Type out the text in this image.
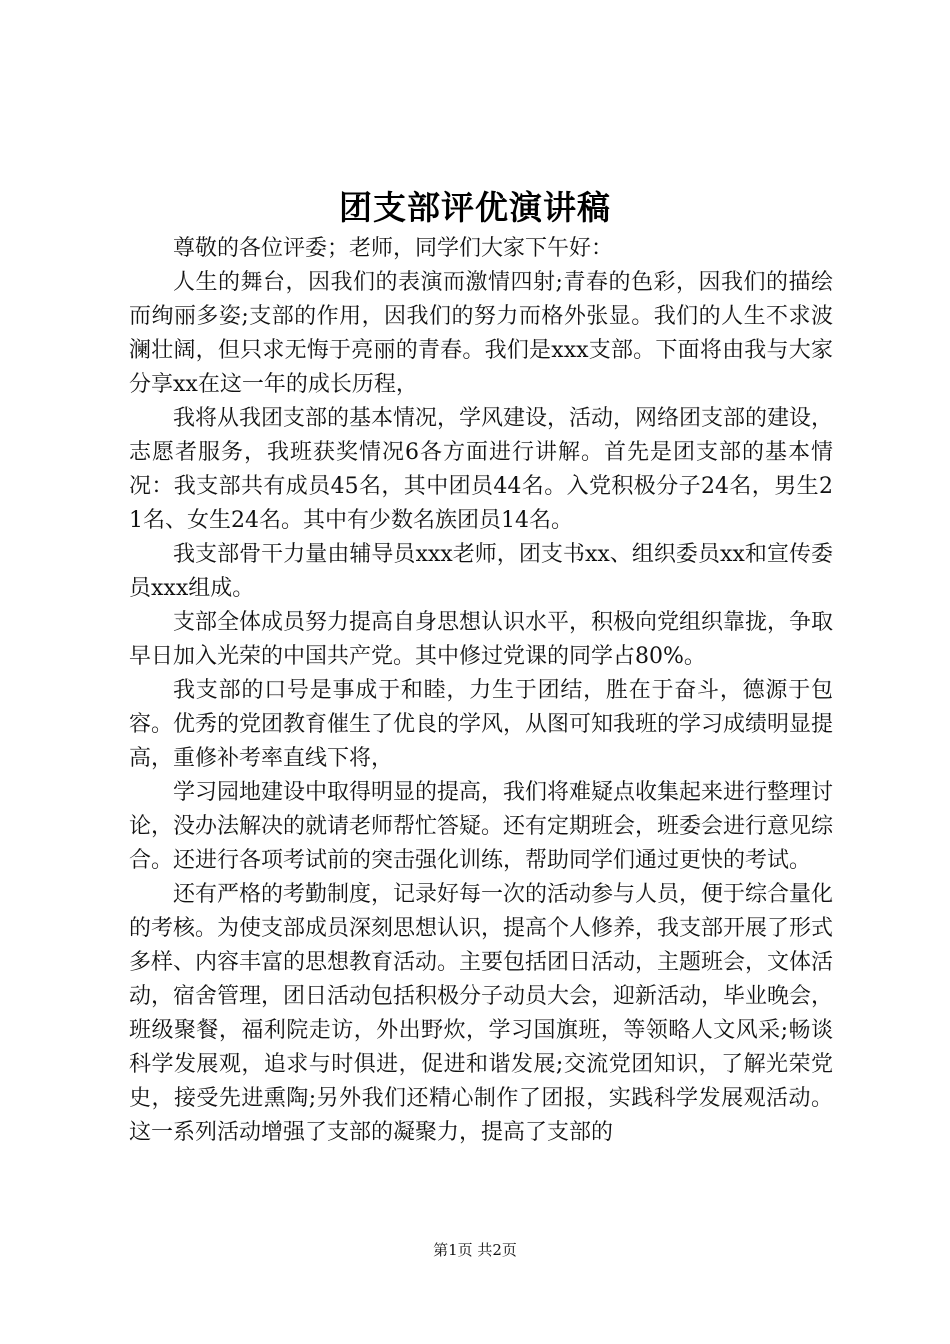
团支部评优演讲稿

尊敬的各位评委；老师，同学们大家下午好：

人生的舞台，因我们的表演而激情四射;青春的色彩，因我们的描绘而绚丽多姿;支部的作用，因我们的努力而格外张显。我们的人生不求波澜壮阔，但只求无悔于亮丽的青春。我们是xxx支部。下面将由我与大家分享xx在这一年的成长历程，

我将从我团支部的基本情况，学风建设，活动，网络团支部的建设，志愿者服务，我班获奖情况6各方面进行讲解。首先是团支部的基本情况：我支部共有成员45名，其中团员44名。入党积极分子24名，男生21名、女生24名。其中有少数名族团员14名。

我支部骨干力量由辅导员xxx老师，团支书xx、组织委员xx和宣传委员xxx组成。

支部全体成员努力提高自身思想认识水平，积极向党组织靠拢，争取早日加入光荣的中国共产党。其中修过党课的同学占80%。

我支部的口号是事成于和睦，力生于团结，胜在于奋斗，德源于包容。优秀的党团教育催生了优良的学风，从图可知我班的学习成绩明显提高，重修补考率直线下将，

学习园地建设中取得明显的提高，我们将难疑点收集起来进行整理讨论，没办法解决的就请老师帮忙答疑。还有定期班会，班委会进行意见综合。还进行各项考试前的突击强化训练，帮助同学们通过更快的考试。

还有严格的考勤制度，记录好每一次的活动参与人员，便于综合量化的考核。为使支部成员深刻思想认识，提高个人修养，我支部开展了形式多样、内容丰富的思想教育活动。主要包括团日活动，主题班会，文体活动，宿舍管理，团日活动包括积极分子动员大会，迎新活动，毕业晚会，班级聚餐，福利院走访，外出野炊，学习国旗班，等领略人文风采;畅谈科学发展观，追求与时俱进，促进和谐发展;交流党团知识，了解光荣党史，接受先进熏陶;另外我们还精心制作了团报，实践科学发展观活动。这一系列活动增强了支部的凝聚力，提高了支部的

第1页 共2页
